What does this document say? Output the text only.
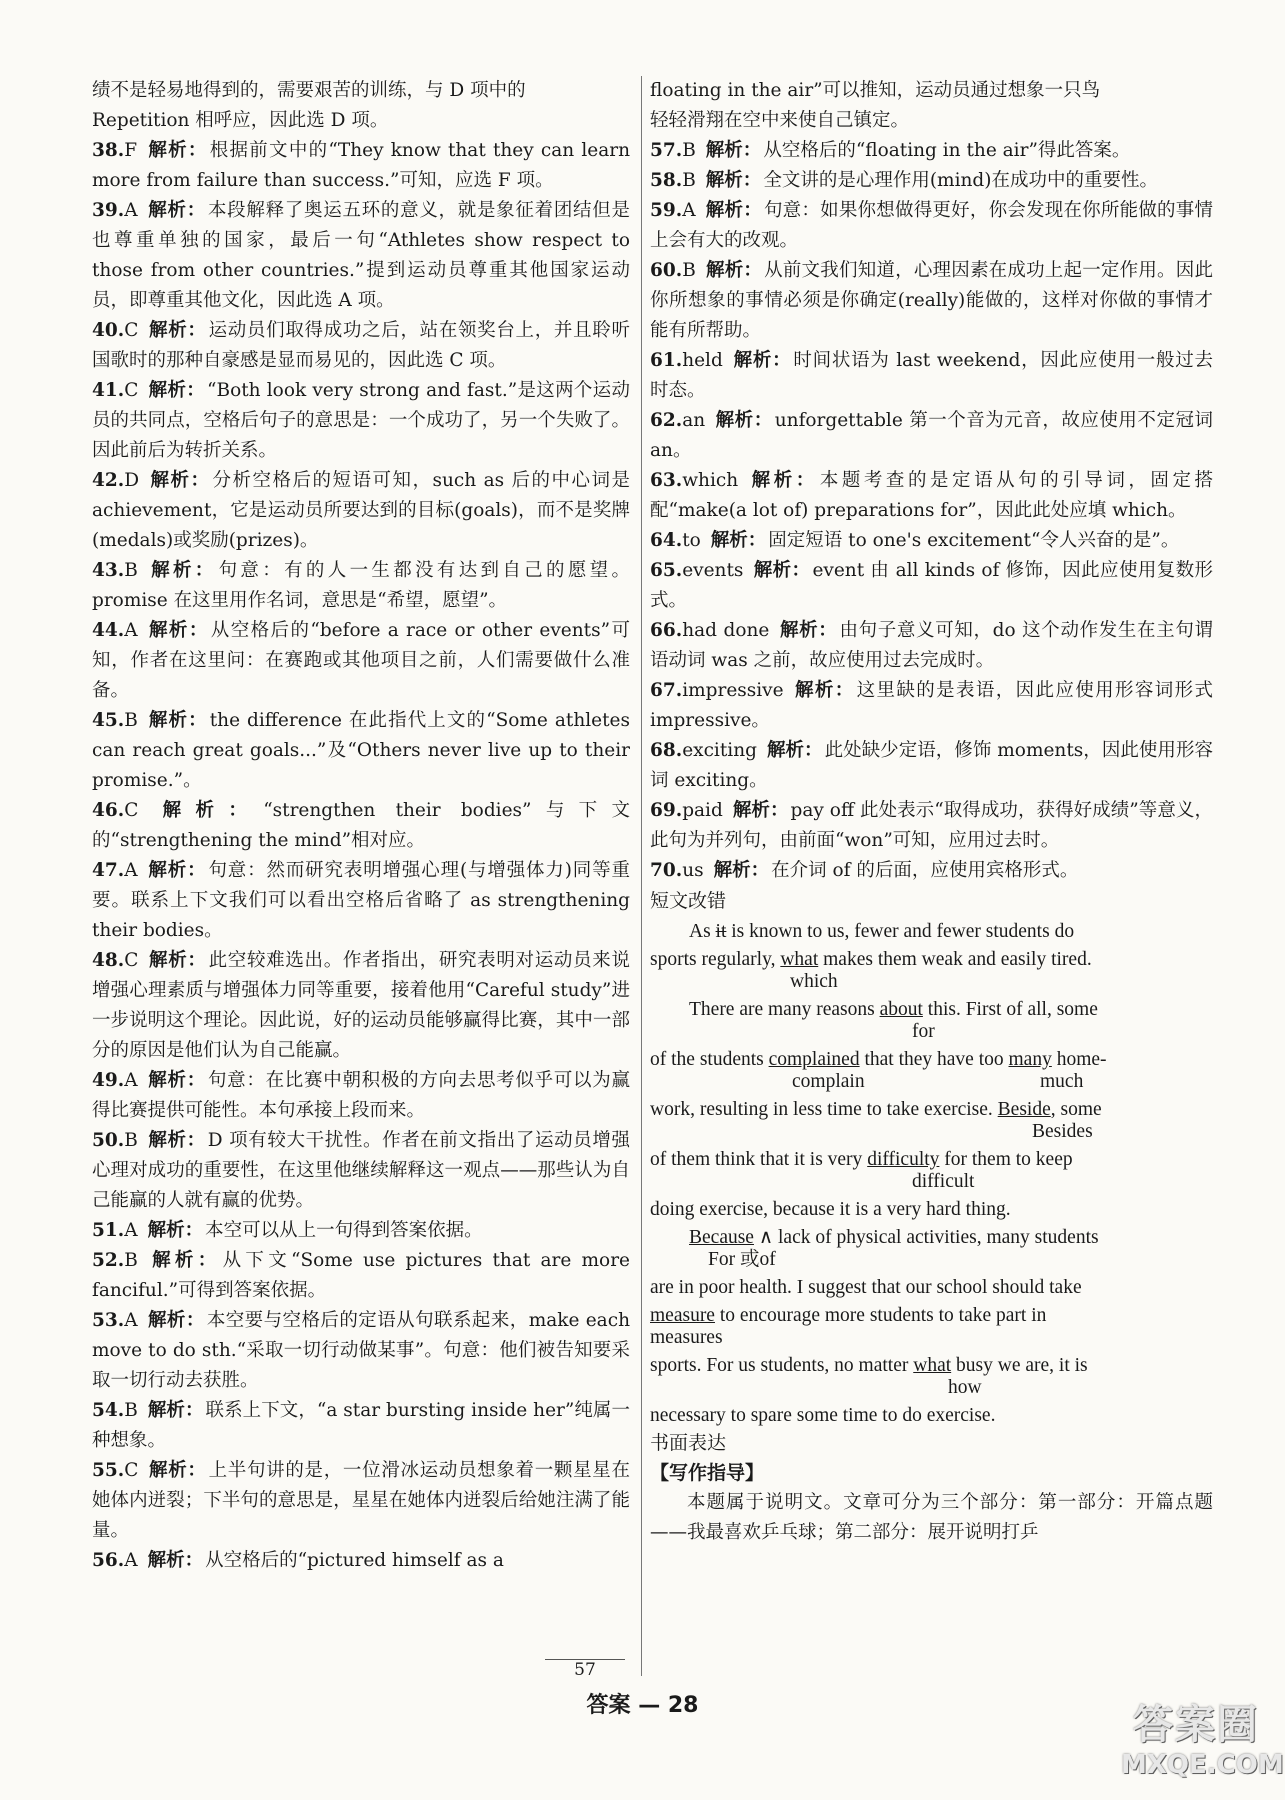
绩不是轻易地得到的，需要艰苦的训练，与 D 项中的

Repetition 相呼应，因此选 D 项。

38.F 解析： 根据前文中的“They know that they can learn more from failure than success.”可知，应选 F 项。

39.A 解析： 本段解释了奥运五环的意义，就是象征着团结但是也尊重单独的国家，最后一句“Athletes show respect to those from other countries.”提到运动员尊重其他国家运动员，即尊重其他文化，因此选 A 项。

40.C 解析： 运动员们取得成功之后，站在领奖台上，并且聆听国歌时的那种自豪感是显而易见的，因此选 C 项。

41.C 解析： “Both look very strong and fast.”是这两个运动员的共同点，空格后句子的意思是：一个成功了，另一个失败了。因此前后为转折关系。

42.D 解析： 分析空格后的短语可知，such as 后的中心词是 achievement，它是运动员所要达到的目标(goals)，而不是奖牌(medals)或奖励(prizes)。

43.B 解析： 句意：有的人一生都没有达到自己的愿望。promise 在这里用作名词，意思是“希望，愿望”。

44.A 解析： 从空格后的“before a race or other events”可知，作者在这里问：在赛跑或其他项目之前，人们需要做什么准备。

45.B 解析： the difference 在此指代上文的“Some athletes can reach great goals...”及“Others never live up to their promise.”。

46.C 解析： “strengthen their bodies”与下文的“strengthening the mind”相对应。

47.A 解析： 句意：然而研究表明增强心理(与增强体力)同等重要。联系上下文我们可以看出空格后省略了 as strengthening their bodies。

48.C 解析： 此空较难选出。作者指出，研究表明对运动员来说增强心理素质与增强体力同等重要，接着他用“Careful study”进一步说明这个理论。因此说，好的运动员能够赢得比赛，其中一部分的原因是他们认为自己能赢。

49.A 解析： 句意：在比赛中朝积极的方向去思考似乎可以为赢得比赛提供可能性。本句承接上段而来。

50.B 解析： D 项有较大干扰性。作者在前文指出了运动员增强心理对成功的重要性，在这里他继续解释这一观点——那些认为自己能赢的人就有赢的优势。

51.A 解析： 本空可以从上一句得到答案依据。

52.B 解析： 从下文“Some use pictures that are more fanciful.”可得到答案依据。

53.A 解析： 本空要与空格后的定语从句联系起来，make each move to do sth.“采取一切行动做某事”。句意：他们被告知要采取一切行动去获胜。

54.B 解析： 联系上下文，“a star bursting inside her”纯属一种想象。

55.C 解析： 上半句讲的是，一位滑冰运动员想象着一颗星星在她体内迸裂；下半句的意思是，星星在她体内迸裂后给她注满了能量。

56.A 解析： 从空格后的“pictured himself as a

floating in the air”可以推知，运动员通过想象一只鸟

轻轻滑翔在空中来使自己镇定。

57.B 解析： 从空格后的“floating in the air”得此答案。

58.B 解析： 全文讲的是心理作用(mind)在成功中的重要性。

59.A 解析： 句意：如果你想做得更好，你会发现在你所能做的事情上会有大的改观。

60.B 解析： 从前文我们知道，心理因素在成功上起一定作用。因此你所想象的事情必须是你确定(really)能做的，这样对你做的事情才能有所帮助。

61.held 解析： 时间状语为 last weekend，因此应使用一般过去时态。

62.an 解析： unforgettable 第一个音为元音，故应使用不定冠词 an。

63.which 解析： 本题考查的是定语从句的引导词，固定搭配“make(a lot of) preparations for”，因此此处应填 which。

64.to 解析： 固定短语 to one's excitement“令人兴奋的是”。

65.events 解析： event 由 all kinds of 修饰，因此应使用复数形式。

66.had done 解析： 由句子意义可知，do 这个动作发生在主句谓语动词 was 之前，故应使用过去完成时。

67.impressive 解析： 这里缺的是表语，因此应使用形容词形式 impressive。

68.exciting 解析： 此处缺少定语，修饰 moments，因此使用形容词 exciting。

69.paid 解析： pay off 此处表示“取得成功，获得好成绩”等意义，此句为并列句，由前面“won”可知，应用过去时。

70.us 解析： 在介词 of 的后面，应使用宾格形式。

短文改错

As it is known to us, fewer and fewer students do
sports regularly, what makes them weak and easily tired.
which
There are many reasons about this. First of all, some
for
of the students complained that they have too many home-
complain	much
work, resulting in less time to take exercise. Beside, some
Besides
of them think that it is very difficulty for them to keep
difficult
doing exercise, because it is a very hard thing.
Because ∧ lack of physical activities, many students
For 或of
are in poor health. I suggest that our school should take
measure to encourage more students to take part in
measures
sports. For us students, no matter what busy we are, it is
how
necessary to spare some time to do exercise.

书面表达

【写作指导】

本题属于说明文。文章可分为三个部分：第一部分：开篇点题——我最喜欢乒乓球；第二部分：展开说明打乒

57
答案 — 28	答案圈
MXQE.COM
